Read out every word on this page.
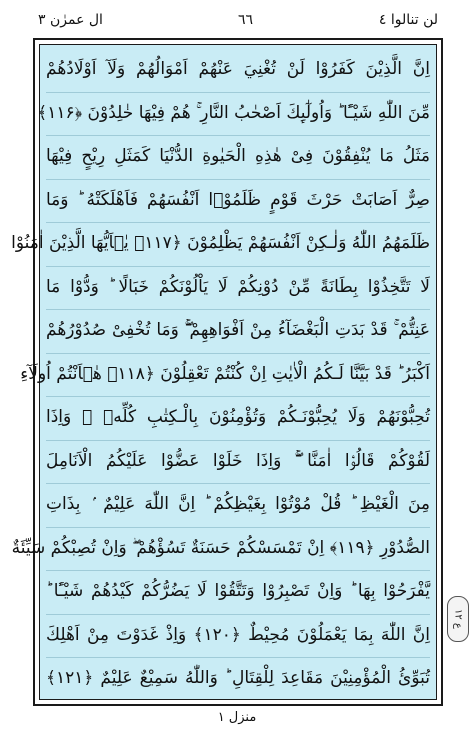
لن تنالوا ٤
٦٦
ال عمرٰن ٣
اِنَّ الَّذِيْنَ كَفَرُوْا لَنْ تُغْنِيَ عَنْهُمْ اَمْوَالُهُمْ وَلَآ اَوْلَادُهُمْ
مِّنَ اللّٰهِ شَيْـًٔا ؕ وَاُولٰٓٮِٕكَ اَصْحٰبُ النَّارِ ۚ هُمْ فِيْهَا خٰلِدُوْنَ ﴿۱۱۶﴾
مَثَلُ مَا يُنْفِقُوْنَ فِىْ هٰذِهِ الْحَيٰوةِ الدُّنْيَا كَمَثَلِ رِيْحٍ فِيْهَا
صِرٌّ اَصَابَتْ حَرْثَ قَوْمٍ ظَلَمُوْۤا اَنْفُسَهُمْ فَاَهْلَكَتْهُ ؕ وَمَا
ظَلَمَهُمُ اللّٰهُ وَلٰـكِنْ اَنْفُسَهُمْ يَظْلِمُوْنَ ﴿۱۱۷﴾ يٰۤاَيُّهَا الَّذِيْنَ اٰمَنُوْا
لَا تَتَّخِذُوْا بِطَانَةً مِّنْ دُوْنِكُمْ لَا يَاْلُوْنَكُمْ خَبَالًا ؕ وَدُّوْا مَا
عَنِتُّمْ ۚ قَدْ بَدَتِ الْبَغْضَآءُ مِنْ اَفْوَاهِهِمْ ۖۚ وَمَا تُخْفِىْ صُدُوْرُهُمْ
اَكْبَرُ ؕ قَدْ بَيَّنَّا لَـكُمُ الْاٰيٰتِ اِنْ كُنْتُمْ تَعْقِلُوْنَ ﴿۱۱۸﴾ هٰۤاَنْتُمْ اُولَآءِ
تُحِبُّوْنَهُمْ وَلَا يُحِبُّوْنَـكُمْ وَتُؤْمِنُوْنَ بِالْـكِتٰبِ كُلِّهٖ ۚ وَاِذَا
لَقُوْكُمْ قَالُوْۤا اٰمَنَّا ۖۚ وَاِذَا خَلَوْا عَضُّوْا عَلَيْكُمُ الْاَنَامِلَ
مِنَ الْغَيْظِ ؕ قُلْ مُوْتُوْا بِغَيْظِكُمْ ؕ اِنَّ اللّٰهَ عَلِيْمٌ ۢ بِذَاتِ
الصُّدُوْرِ ﴿۱۱۹﴾ اِنْ تَمْسَسْكُمْ حَسَنَةٌ تَسُؤْهُمْ ۖ وَاِنْ تُصِبْكُمْ سَيِّئَةٌ
يَّفْرَحُوْا بِهَا ؕ وَاِنْ تَصْبِرُوْا وَتَتَّقُوْا لَا يَضُرُّكُمْ كَيْدُهُمْ شَيْـًٔا ؕ
اِنَّ اللّٰهَ بِمَا يَعْمَلُوْنَ مُحِيْطٌ ﴿۱۲۰﴾ وَاِذْ غَدَوْتَ مِنْ اَهْلِكَ
تُبَوِّئُ الْمُؤْمِنِيْنَ مَقَاعِدَ لِلْقِتَالِ ؕ وَاللّٰهُ سَمِيْعٌ عَلِيْمٌ ﴿۱۲۱﴾
ع ١٢
منزل ١
